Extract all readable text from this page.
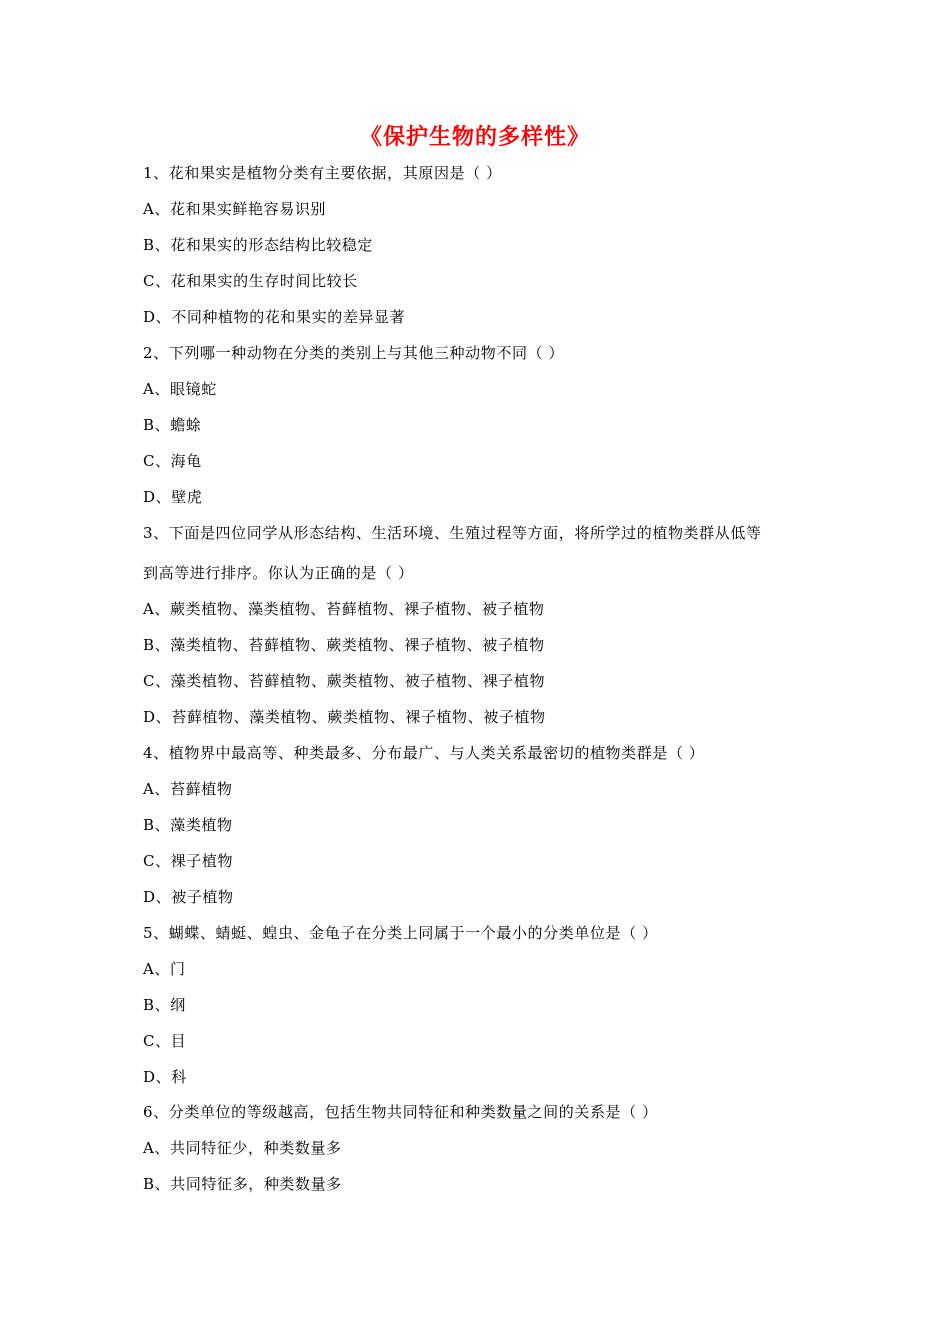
《保护生物的多样性》
1、花和果实是植物分类有主要依据，其原因是（ ）
A、花和果实鲜艳容易识别
B、花和果实的形态结构比较稳定
C、花和果实的生存时间比较长
D、不同种植物的花和果实的差异显著
2、下列哪一种动物在分类的类别上与其他三种动物不同（ ）
A、眼镜蛇
B、蟾蜍
C、海龟
D、壁虎
3、下面是四位同学从形态结构、生活环境、生殖过程等方面，将所学过的植物类群从低等
到高等进行排序。你认为正确的是（ ）
A、蕨类植物、藻类植物、苔藓植物、裸子植物、被子植物
B、藻类植物、苔藓植物、蕨类植物、裸子植物、被子植物
C、藻类植物、苔藓植物、蕨类植物、被子植物、裸子植物
D、苔藓植物、藻类植物、蕨类植物、裸子植物、被子植物
4、植物界中最高等、种类最多、分布最广、与人类关系最密切的植物类群是（ ）
A、苔藓植物
B、藻类植物
C、裸子植物
D、被子植物
5、蝴蝶、蜻蜓、蝗虫、金龟子在分类上同属于一个最小的分类单位是（ ）
A、门
B、纲
C、目
D、科
6、分类单位的等级越高，包括生物共同特征和种类数量之间的关系是（ ）
A、共同特征少，种类数量多
B、共同特征多，种类数量多
